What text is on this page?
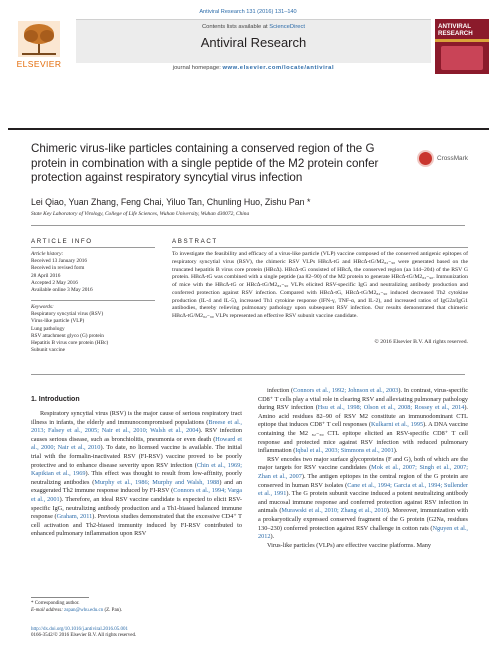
Antiviral Research 131 (2016) 131–140
ELSEVIER
Contents lists available at ScienceDirect
Antiviral Research
journal homepage: www.elsevier.com/locate/antiviral
ANTIVIRAL RESEARCH
Chimeric virus-like particles containing a conserved region of the G protein in combination with a single peptide of the M2 protein confer protection against respiratory syncytial virus infection
CrossMark
Lei Qiao, Yuan Zhang, Feng Chai, Yiluo Tan, Chunling Huo, Zishu Pan *
State Key Laboratory of Virology, College of Life Sciences, Wuhan University, Wuhan 430072, China
ARTICLE INFO
Article history:
Received 13 January 2016
Received in revised form
28 April 2016
Accepted 2 May 2016
Available online 3 May 2016
Keywords:
Respiratory syncytial virus (RSV)
Virus-like particle (VLP)
Lung pathology
RSV attachment glyco (G) protein
Hepatitis B virus core protein (HBc)
Subunit vaccine
ABSTRACT
To investigate the feasibility and efficacy of a virus-like particle (VLP) vaccine composed of the conserved antigenic epitopes of respiratory syncytial virus (RSV), the chimeric RSV VLPs HBc∆-tG and HBc∆-tG/M2₈₂₋₉₀ were generated based on the truncated hepatitis B virus core protein (HBc∆). HBc∆-tG consisted of HBc∆, the conserved region (aa 144–204) of the RSV G protein. HBc∆-tG was combined with a single peptide (aa 82–90) of the M2 protein to generate HBc∆-tG/M2₈₂₋₉₀. Immunization of mice with the HBc∆-tG or HBc∆-tG/M2₈₂₋₉₀ VLPs elicited RSV-specific IgG and neutralizing antibody production and conferred protection against RSV infection. Compared with HBc∆-tG, HBc∆-tG/M2₈₂₋₉₀ induced decreased Th2 cytokine production (IL-4 and IL-5), increased Th1 cytokine response (IFN-γ, TNF-α, and IL-2), and increased ratios of IgG2a/IgG1 antibodies, thereby relieving pulmonary pathology upon subsequent RSV infection. Our results demonstrated that chimeric HBc∆-tG/M2₈₂₋₉₀ VLPs represented an effective RSV subunit vaccine candidate.
© 2016 Elsevier B.V. All rights reserved.
1. Introduction

Respiratory syncytial virus (RSV) is the major cause of serious respiratory tract illness in infants, the elderly and immunocompromised populations (Breese et al., 2013; Falsey et al., 2005; Nair et al., 2010; Walsh et al., 2004). RSV infection causes serious disease, such as bronchiolitis, pneumonia or even death (Howard et al., 2000; Nair et al., 2010). To date, no licensed vaccine is available. The initial trial with the formalin-inactivated RSV (FI-RSV) vaccine proved to be poorly protective and to enhance disease severity upon RSV infection (Chin et al., 1969; Kapikian et al., 1969). This effect was thought to result from low-affinity, poorly neutralizing antibodies (Murphy et al., 1986; Murphy and Walsh, 1988) and an exaggerated Th2 immune response induced by FI-RSV (Connors et al., 1994; Varga et al., 2001). Therefore, an ideal RSV vaccine candidate is expected to elicit RSV-specific IgG, neutralizing antibody production and a Th1-biased balanced immune response (Graham, 2011). Previous studies demonstrated that the excessive CD4⁺ T cell activation and Th2-biased immunity induced by FI-RSV contributed to enhanced pulmonary inflammation upon RSV

infection (Connors et al., 1992; Johnson et al., 2003). In contrast, virus-specific CD8⁺ T cells play a vital role in clearing RSV and alleviating pulmonary pathology during RSV infection (Hsu et al., 1998; Olson et al., 2008; Rossey et al., 2014). Amino acid residues 82–90 of RSV M2 constitute an immunodominant CTL epitope that induces CD8⁺ T cell responses (Kulkarni et al., 1995). A DNA vaccine containing the M2 ₈₂₋₉₀ CTL epitope elicited an RSV-specific CD8⁺ T cell response and protected mice against RSV infection with reduced pulmonary inflammation (Iqbal et al., 2003; Simmons et al., 2001).

RSV encodes two major surface glycoproteins (F and G), both of which are the major targets for RSV vaccine candidates (Mok et al., 2007; Singh et al., 2007; Zhan et al., 2007). The antigen epitopes in the central region of the G protein are conserved in human RSV isolates (Cane et al., 1994; Garcia et al., 1994; Sullender et al., 1991). The G protein subunit vaccine induced a potent neutralizing antibody and mucosal immune response and conferred protection against RSV infection in animals (Murawski et al., 2010; Zhang et al., 2010). Moreover, immunization with a prokaryotically expressed conserved fragment of the G protein (G2Na, residues 130–230) conferred protection against RSV challenge in cotton rats (Nguyen et al., 2012).

Virus-like particles (VLPs) are effective vaccine platforms. Many

* Corresponding author.
E-mail address: zspan@whu.edu.cn (Z. Pan).
http://dx.doi.org/10.1016/j.antiviral.2016.05.001
0166-3542/© 2016 Elsevier B.V. All rights reserved.
